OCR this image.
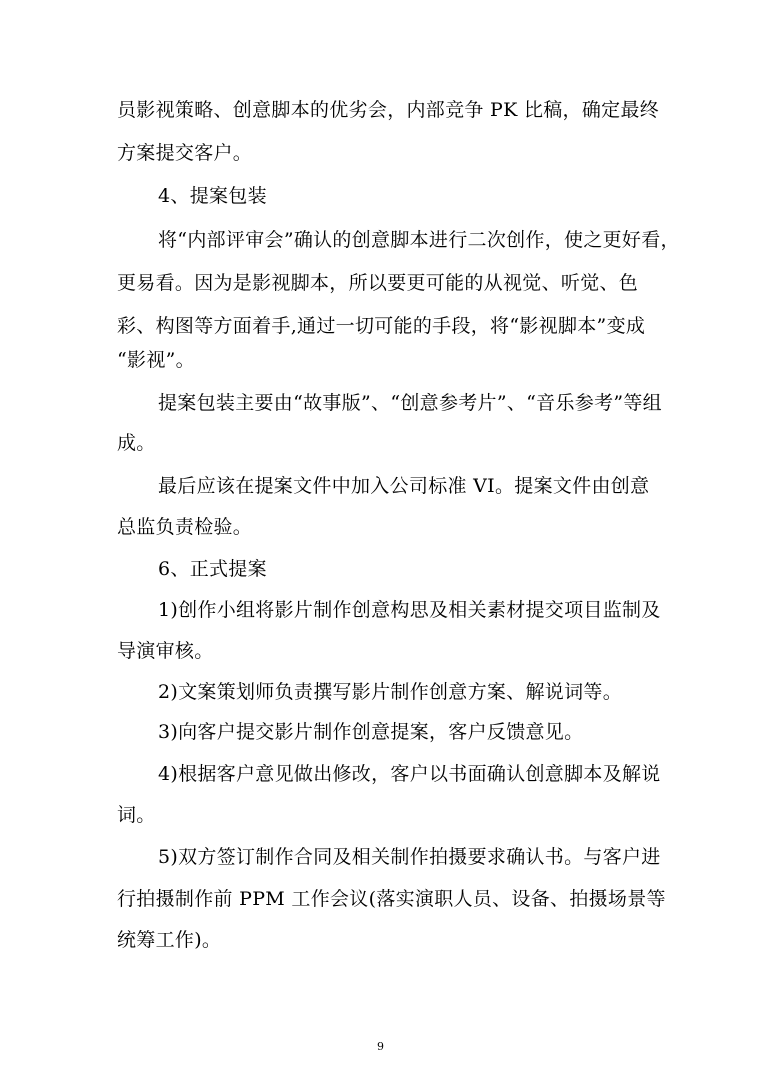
员影视策略、创意脚本的优劣会，内部竞争 PK 比稿，确定最终
方案提交客户。
4、提案包装
将“内部评审会”确认的创意脚本进行二次创作，使之更好看，
更易看。因为是影视脚本，所以要更可能的从视觉、听觉、色
彩、构图等方面着手,通过一切可能的手段，将“影视脚本”变成
“影视”。
提案包装主要由“故事版”、“创意参考片”、“音乐参考”等组
成。
最后应该在提案文件中加入公司标准 VI。提案文件由创意
总监负责检验。
6、正式提案
1)创作小组将影片制作创意构思及相关素材提交项目监制及
导演审核。
2)文案策划师负责撰写影片制作创意方案、解说词等。
3)向客户提交影片制作创意提案，客户反馈意见。
4)根据客户意见做出修改，客户以书面确认创意脚本及解说
词。
5)双方签订制作合同及相关制作拍摄要求确认书。与客户进
行拍摄制作前 PPM 工作会议(落实演职人员、设备、拍摄场景等
统筹工作)。
9
